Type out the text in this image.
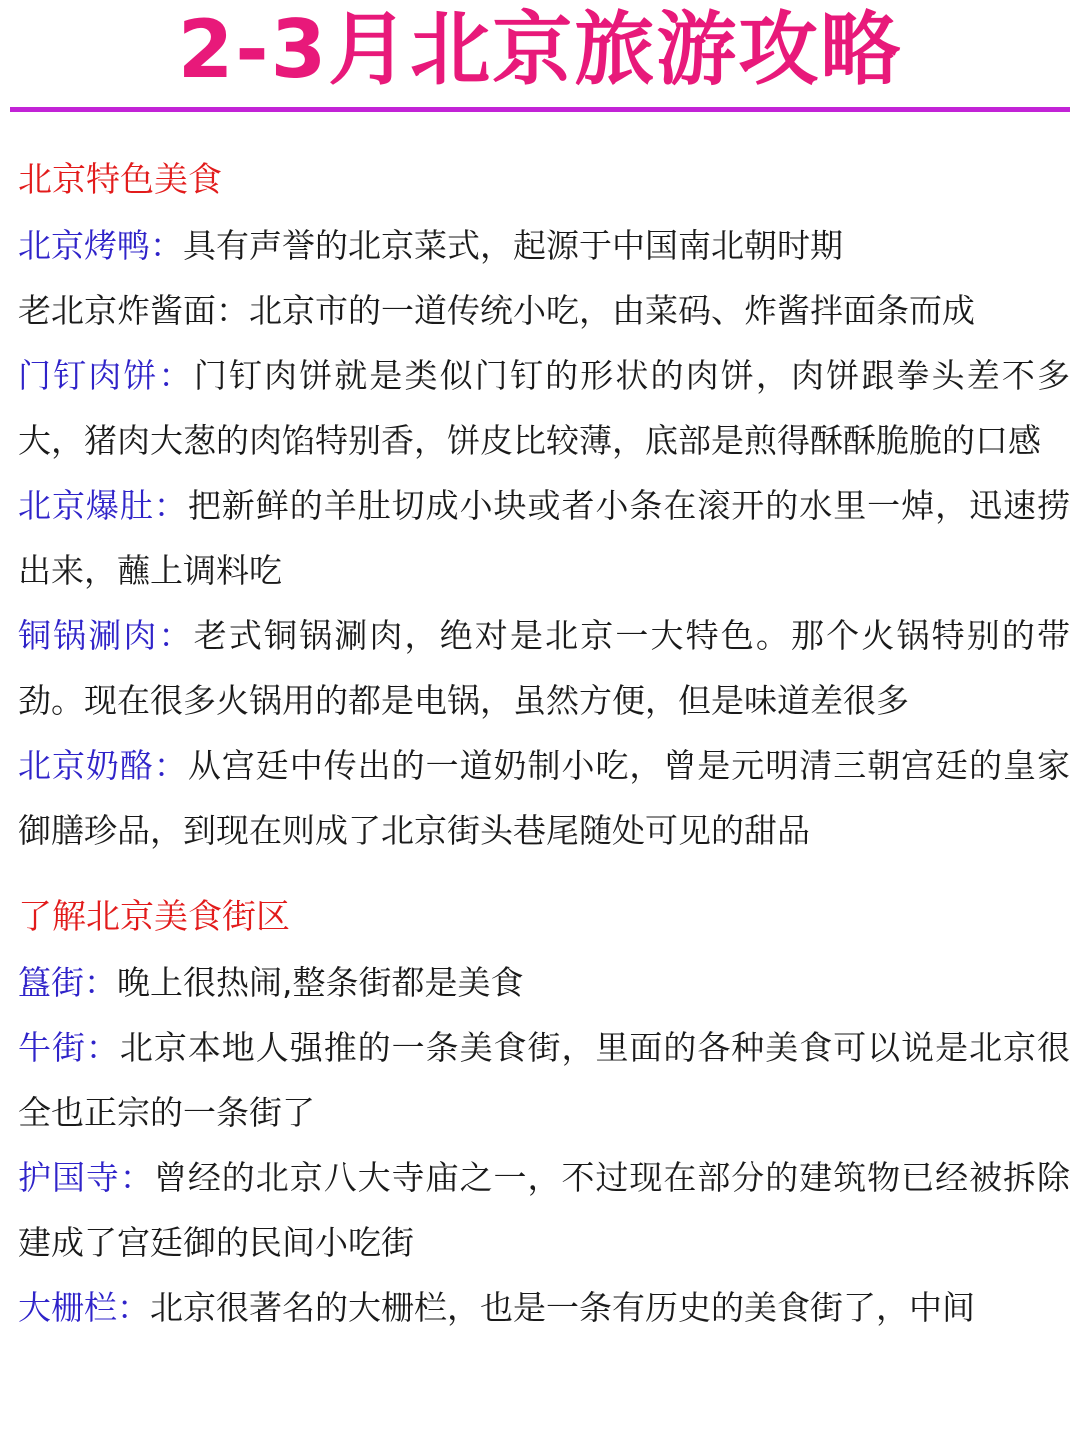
2-3月北京旅游攻略
北京特色美食

北京烤鸭：具有声誉的北京菜式，起源于中国南北朝时期

老北京炸酱面：北京市的一道传统小吃，由菜码、炸酱拌面条而成

门钉肉饼：门钉肉饼就是类似门钉的形状的肉饼，肉饼跟拳头差不多大，猪肉大葱的肉馅特别香，饼皮比较薄，底部是煎得酥酥脆脆的口感

北京爆肚：把新鲜的羊肚切成小块或者小条在滚开的水里一焯，迅速捞出来，蘸上调料吃

铜锅涮肉：老式铜锅涮肉，绝对是北京一大特色。那个火锅特别的带劲。现在很多火锅用的都是电锅，虽然方便，但是味道差很多

北京奶酪：从宫廷中传出的一道奶制小吃，曾是元明清三朝宫廷的皇家御膳珍品，到现在则成了北京街头巷尾随处可见的甜品

了解北京美食街区

簋街：晚上很热闹,整条街都是美食

牛街：北京本地人强推的一条美食街，里面的各种美食可以说是北京很全也正宗的一条街了

护国寺：曾经的北京八大寺庙之一，不过现在部分的建筑物已经被拆除建成了宫廷御的民间小吃街

大栅栏：北京很著名的大栅栏，也是一条有历史的美食街了，中间
